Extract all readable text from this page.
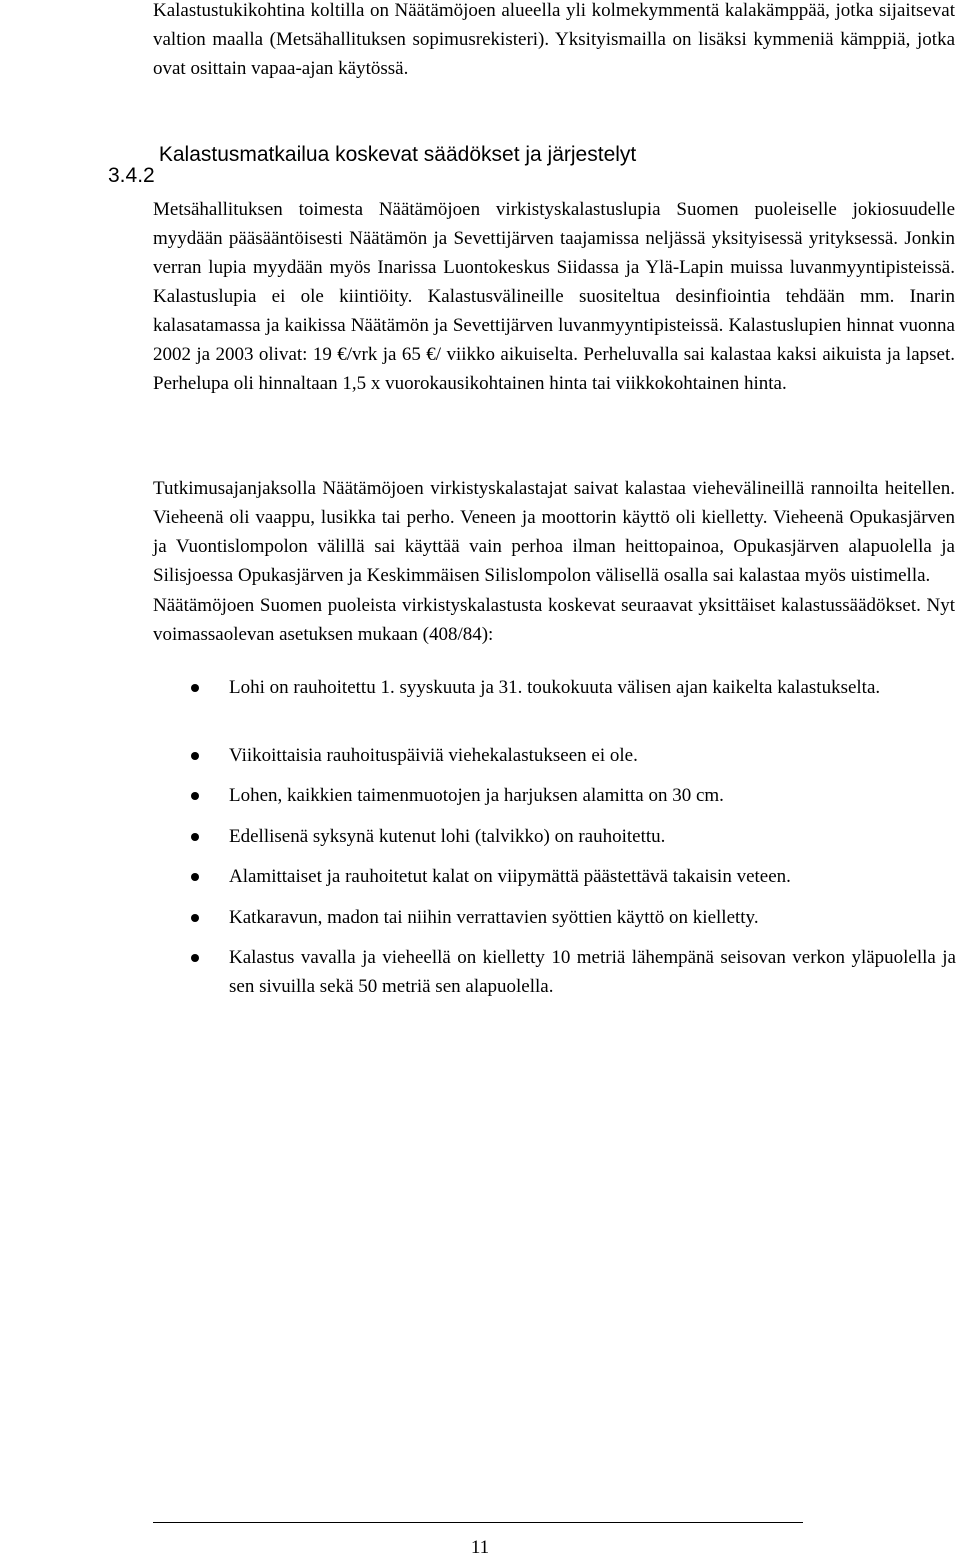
Kalastustukikohtina koltilla on Näätämöjoen alueella yli kolmekymmentä kalakämppää, jotka sijaitsevat valtion maalla (Metsähallituksen sopimusrekisteri). Yksityismailla on lisäksi kymmeniä kämppiä, jotka ovat osittain vapaa-ajan käytössä.

3.4.2
Kalastusmatkailua koskevat säädökset ja järjestelyt

Metsähallituksen toimesta Näätämöjoen virkistyskalastuslupia Suomen puoleiselle jokiosuudelle myydään pääsääntöisesti Näätämön ja Sevettijärven taajamissa neljässä yksityisessä yrityksessä. Jonkin verran lupia myydään myös Inarissa Luontokeskus Siidassa ja Ylä-Lapin muissa luvanmyyntipisteissä. Kalastuslupia ei ole kiintiöity. Kalastusvälineille suositeltua desinfiointia tehdään mm. Inarin kalasatamassa ja kaikissa Näätämön ja Sevettijärven luvanmyyntipisteissä. Kalastuslupien hinnat vuonna 2002 ja 2003 olivat: 19 €/vrk ja 65 €/ viikko aikuiselta. Perheluvalla sai kalastaa kaksi aikuista ja lapset. Perhelupa oli hinnaltaan 1,5 x vuorokausikohtainen hinta tai viikkokohtainen hinta.

Tutkimusajanjaksolla Näätämöjoen virkistyskalastajat saivat kalastaa viehevälineillä rannoilta heitellen. Vieheenä oli vaappu, lusikka tai perho. Veneen ja moottorin käyttö oli kielletty. Vieheenä Opukasjärven ja Vuontislompolon välillä sai käyttää vain perhoa ilman heittopainoa, Opukasjärven alapuolella ja Silisjoessa Opukasjärven ja Keskimmäisen Silislompolon välisellä osalla sai kalastaa myös uistimella.

Näätämöjoen Suomen puoleista virkistyskalastusta koskevat seuraavat yksittäiset kalastussäädökset. Nyt voimassaolevan asetuksen mukaan (408/84):

Lohi on rauhoitettu 1. syyskuuta ja 31. toukokuuta välisen ajan kaikelta kalastukselta.
Viikoittaisia rauhoituspäiviä viehekalastukseen ei ole.
Lohen, kaikkien taimenmuotojen ja harjuksen alamitta on 30 cm.
Edellisenä syksynä kutenut lohi (talvikko) on rauhoitettu.
Alamittaiset ja rauhoitetut kalat on viipymättä päästettävä takaisin veteen.
Katkaravun, madon tai niihin verrattavien syöttien käyttö on kielletty.
Kalastus vavalla ja vieheellä on kielletty 10 metriä lähempänä seisovan verkon yläpuolella ja sen sivuilla sekä 50 metriä sen alapuolella.
11
